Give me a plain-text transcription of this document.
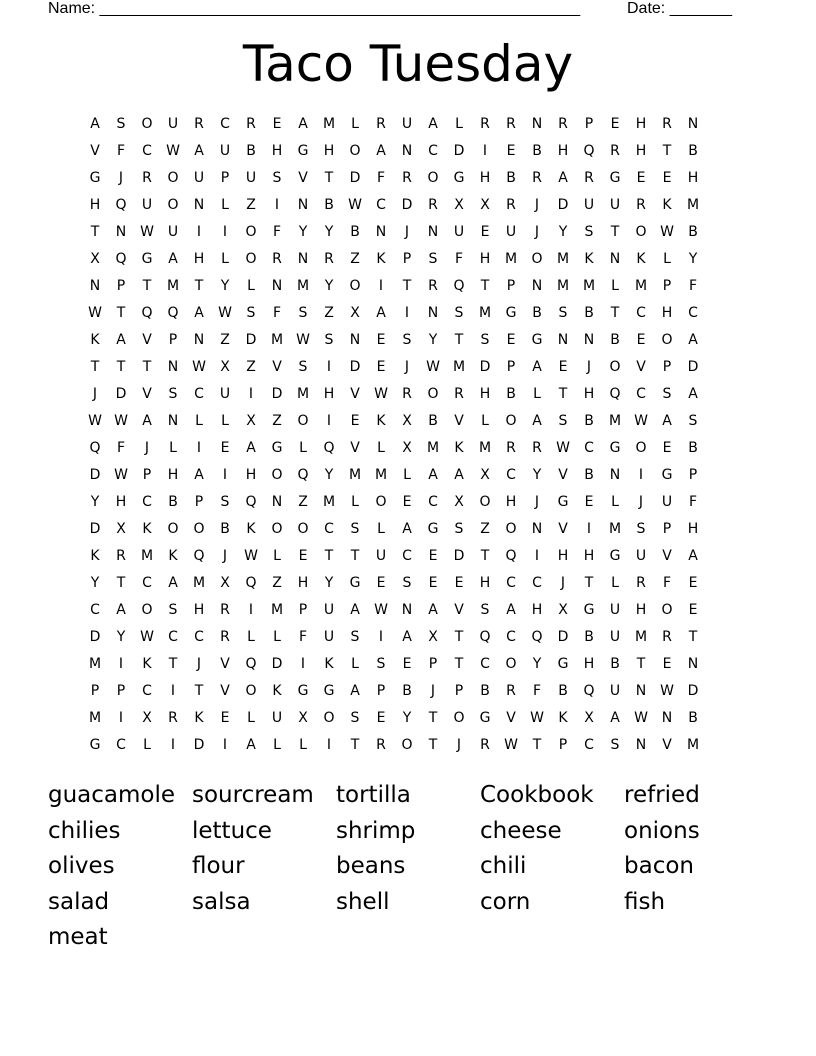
Name: ______________________________________________________	Date: _______
Taco Tuesday
A	S	O	U	R	C	R	E	A	M	L	R	U	A	L	R	R	N	R	P	E	H	R	N
V	F	C	W	A	U	B	H	G	H	O	A	N	C	D	I	E	B	H	Q	R	H	T	B
G	J	R	O	U	P	U	S	V	T	D	F	R	O	G	H	B	R	A	R	G	E	E	H
H	Q	U	O	N	L	Z	I	N	B	W	C	D	R	X	X	R	J	D	U	U	R	K	M
T	N W U	I	I	O	F	Y	Y	B	N	J	N	U	E	U	J	Y	S	T	O W	B
X	Q	G	A	H	L	O	R	N	R	Z	K	P	S	F	H	M	O	M	K	N	K	L	Y
N	P	T	M	T	Y	L	N	M	Y	O	I	T	R	Q	T	P	N	M M	L	M	P	F
W	T	Q	Q	A	W	S	F	S	Z	X	A	I	N	S	M	G	B	S	B	T	C	H	C
K	A	V	P	N	Z	D	M W	S	N	E	S	Y	T	S	E	G	N	N	B	E	O	A
T	T	T	N W	X	Z	V	S	I	D	E	J	W M	D	P	A	E	J	O	V	P	D
J	D	V	S	C	U	I	D	M	H	V	W	R	O	R	H	B	L	T	H	Q	C	S	A
W W	A	N	L	L	X	Z	O	I	E	K	X	B	V	L	O	A	S	B	M W	A	S
Q	F	J	L	I	E	A	G	L	Q	V	L	X	M	K	M	R	R	W	C	G	O	E	B
D W	P	H	A	I	H	O	Q	Y	M M	L	A	A	X	C	Y	V	B	N	I	G	P
Y	H	C	B	P	S	Q	N	Z	M	L	O	E	C	X	O	H	J	G	E	L	J	U	F
D	X	K	O	O	B	K	O	O	C	S	L	A	G	S	Z	O	N	V	I	M	S	P	H
K	R	M	K	Q	J	W	L	E	T	T	U	C	E	D	T	Q	I	H	H	G	U	V	A
Y	T	C	A	M	X	Q	Z	H	Y	G	E	S	E	E	H	C	C	J	T	L	R	F	E
C	A	O	S	H	R	I	M	P	U	A	W N	A	V	S	A	H	X	G	U	H	O	E
D	Y	W	C	C	R	L	L	F	U	S	I	A	X	T	Q	C	Q	D	B	U	M	R	T
M	I	K	T	J	V	Q	D	I	K	L	S	E	P	T	C	O	Y	G	H	B	T	E	N
P	P	C	I	T	V	O	K	G	G	A	P	B	J	P	B	R	F	B	Q	U	N W D
M	I	X	R	K	E	L	U	X	O	S	E	Y	T	O	G	V	W	K	X	A	W N	B
G	C	L	I	D	I	A	L	L	I	T	R	O	T	J	R	W	T	P	C	S	N	V	M
guacamole sourcream tortilla	Cookbook	refried
chilies	lettuce	shrimp	cheese	onions
olives	flour	beans	chili	bacon
salad	salsa	shell	corn	fish
meat
